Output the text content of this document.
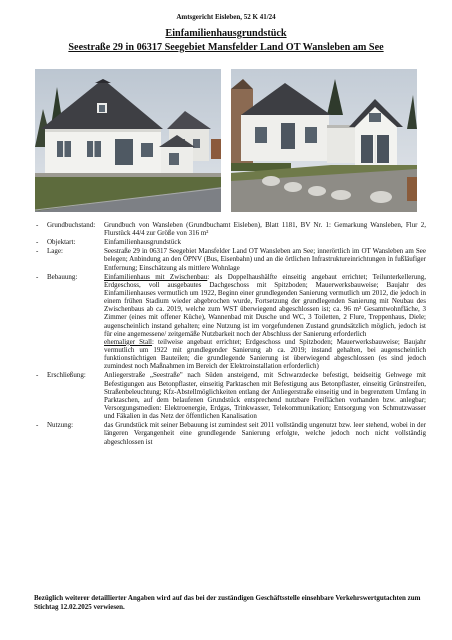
Amtsgericht Eisleben, 52 K 41/24
Einfamilienhausgrundstück
Seestraße 29 in 06317 Seegebiet Mansfelder Land OT Wansleben am See
- Grundbuchstand:	Grundbuch von Wansleben (Grundbuchamt Eisleben), Blatt 1181, BV Nr. 1: Gemarkung Wansleben, Flur 2, Flurstück 44/4 zur Größe von 316 m²

- Objektart:	Einfamilienhausgrundstück

- Lage:	Seestraße 29 in 06317 Seegebiet Mansfelder Land OT Wansleben am See; innerörtlich im OT Wansleben am See belegen; Anbindung an den ÖPNV (Bus, Eisenbahn) und an die örtlichen Infrastruktureinrichtungen in fußläufiger Entfernung; Einschätzung als mittlere Wohnlage

- Bebauung:	Einfamilienhaus mit Zwischenbau: als Doppelhaushälfte einseitig angebaut errichtet; Teilunterkellerung, Erdgeschoss, voll ausgebautes Dachgeschoss mit Spitzboden; Mauerwerksbauweise; Baujahr des Einfamilienhauses vermutlich um 1922, Beginn einer grundlegenden Sanierung vermutlich um 2012, die jedoch in einem frühen Stadium wieder abgebrochen wurde, Fortsetzung der grundlegenden Sanierung mit Neubau des Zwischenbaus ab ca. 2019, welche zum WST überwiegend abgeschlossen ist; ca. 96 m² Gesamtwohnfläche, 3 Zimmer (eines mit offener Küche), Wannenbad mit Dusche und WC, 3 Toiletten, 2 Flure, Treppenhaus, Diele; augenscheinlich instand gehalten; eine Nutzung ist im vorgefundenen Zustand grundsätzlich möglich, jedoch ist für eine angemessene/ zeitgemäße Nutzbarkeit noch der Abschluss der Sanierung erforderlich

ehemaliger Stall: teilweise angebaut errichtet; Erdgeschoss und Spitzboden; Mauerwerksbauweise; Baujahr vermutlich um 1922 mit grundlegender Sanierung ab ca. 2019; instand gehalten, bei augenscheinlich funktionstüchtigen Bauteilen; die grundlegende Sanierung ist überwiegend abgeschlossen (es sind jedoch zumindest noch Maßnahmen im Bereich der Elektroinstallation erforderlich)

- Erschließung:	Anliegerstraße „Seestraße" nach Süden ansteigend, mit Schwarzdecke befestigt, beidseitig Gehwege mit Befestigungen aus Betonpflaster, einseitig Parktaschen mit Befestigung aus Betonpflaster, einseitig Grünstreifen, Straßenbeleuchtung; Kfz-Abstellmöglichkeiten entlang der Anliegerstraße einseitig und in begrenztem Umfang in Parktaschen, auf dem belaufenen Grundstück entsprechend nutzbare Freiflächen vorhanden bzw. anlegbar; Versorgungsmedien: Elektroenergie, Erdgas, Trinkwasser, Telekommunikation; Entsorgung von Schmutzwasser und Fäkalien in das Netz der öffentlichen Kanalisation

- Nutzung:	das Grundstück mit seiner Bebauung ist zumindest seit 2011 vollständig ungenutzt bzw. leer stehend, wobei in der längeren Vergangenheit eine grundlegende Sanierung erfolgte, welche jedoch noch nicht vollständig abgeschlossen ist

Bezüglich weiterer detaillierter Angaben wird auf das bei der zuständigen Geschäftsstelle einsehbare Verkehrswertgutachten zum Stichtag 12.02.2025 verwiesen.
